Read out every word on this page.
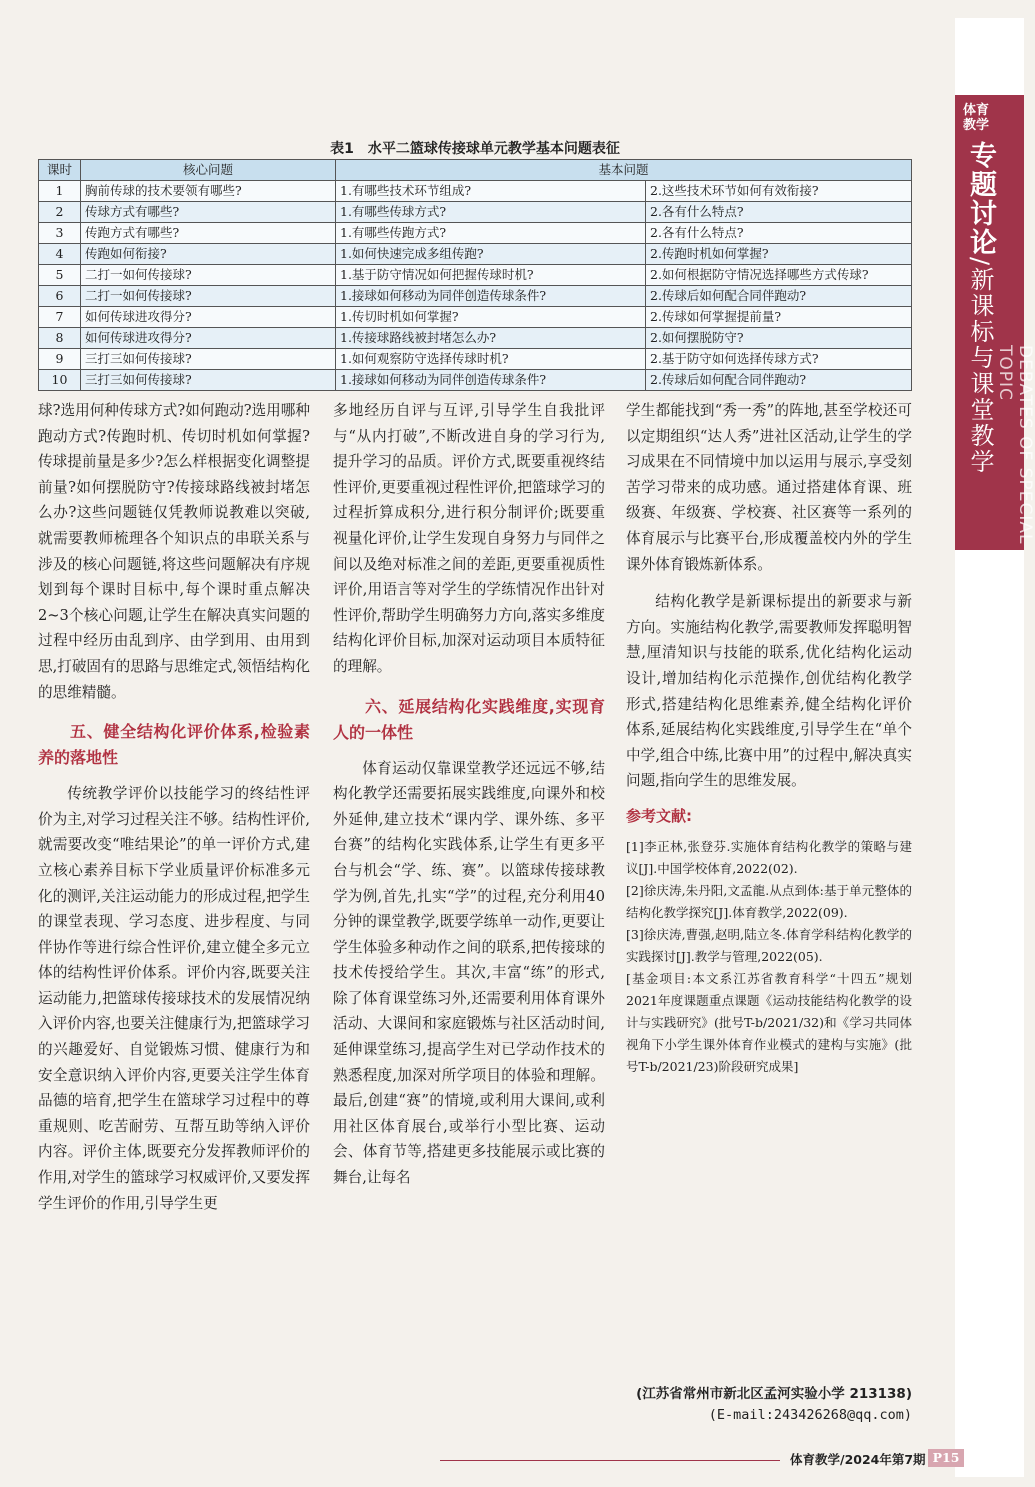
体育教学
专题讨论/新课标与课堂教学	DEBATES OF SPECIAL TOPIC
表1　水平二篮球传接球单元教学基本问题表征
课时	核心问题	基本问题	
1	胸前传球的技术要领有哪些?	1.有哪些技术环节组成?	2.这些技术环节如何有效衔接?
2	传球方式有哪些?	1.有哪些传球方式?	2.各有什么特点?
3	传跑方式有哪些?	1.有哪些传跑方式?	2.各有什么特点?
4	传跑如何衔接?	1.如何快速完成多组传跑?	2.传跑时机如何掌握?
5	二打一如何传接球?	1.基于防守情况如何把握传球时机?	2.如何根据防守情况选择哪些方式传球?
6	二打一如何传接球?	1.接球如何移动为同伴创造传球条件?	2.传球后如何配合同伴跑动?
7	如何传球进攻得分?	1.传切时机如何掌握?	2.传球如何掌握提前量?
8	如何传球进攻得分?	1.传接球路线被封堵怎么办?	2.如何摆脱防守?
9	三打三如何传接球?	1.如何观察防守选择传球时机?	2.基于防守如何选择传球方式?
10	三打三如何传接球?	1.接球如何移动为同伴创造传球条件?	2.传球后如何配合同伴跑动?

球?选用何种传球方式?如何跑动?选用哪种跑动方式?传跑时机、传切时机如何掌握?传球提前量是多少?怎么样根据变化调整提前量?如何摆脱防守?传接球路线被封堵怎么办?这些问题链仅凭教师说教难以突破,就需要教师梳理各个知识点的串联关系与涉及的核心问题链,将这些问题解决有序规划到每个课时目标中,每个课时重点解决2~3个核心问题,让学生在解决真实问题的过程中经历由乱到序、由学到用、由用到思,打破固有的思路与思维定式,领悟结构化的思维精髓。

五、健全结构化评价体系,检验素养的落地性

传统教学评价以技能学习的终结性评价为主,对学习过程关注不够。结构性评价,就需要改变“唯结果论”的单一评价方式,建立核心素养目标下学业质量评价标准多元化的测评,关注运动能力的形成过程,把学生的课堂表现、学习态度、进步程度、与同伴协作等进行综合性评价,建立健全多元立体的结构性评价体系。评价内容,既要关注运动能力,把篮球传接球技术的发展情况纳入评价内容,也要关注健康行为,把篮球学习的兴趣爱好、自觉锻炼习惯、健康行为和安全意识纳入评价内容,更要关注学生体育品德的培育,把学生在篮球学习过程中的尊重规则、吃苦耐劳、互帮互助等纳入评价内容。评价主体,既要充分发挥教师评价的作用,对学生的篮球学习权威评价,又要发挥学生评价的作用,引导学生更

多地经历自评与互评,引导学生自我批评与“从内打破”,不断改进自身的学习行为,提升学习的品质。评价方式,既要重视终结性评价,更要重视过程性评价,把篮球学习的过程折算成积分,进行积分制评价;既要重视量化评价,让学生发现自身努力与同伴之间以及绝对标准之间的差距,更要重视质性评价,用语言等对学生的学练情况作出针对性评价,帮助学生明确努力方向,落实多维度结构化评价目标,加深对运动项目本质特征的理解。

六、延展结构化实践维度,实现育人的一体性

体育运动仅靠课堂教学还远远不够,结构化教学还需要拓展实践维度,向课外和校外延伸,建立技术“课内学、课外练、多平台赛”的结构化实践体系,让学生有更多平台与机会“学、练、赛”。以篮球传接球教学为例,首先,扎实“学”的过程,充分利用40分钟的课堂教学,既要学练单一动作,更要让学生体验多种动作之间的联系,把传接球的技术传授给学生。其次,丰富“练”的形式,除了体育课堂练习外,还需要利用体育课外活动、大课间和家庭锻炼与社区活动时间,延伸课堂练习,提高学生对已学动作技术的熟悉程度,加深对所学项目的体验和理解。最后,创建“赛”的情境,或利用大课间,或利用社区体育展台,或举行小型比赛、运动会、体育节等,搭建更多技能展示或比赛的舞台,让每名

学生都能找到“秀一秀”的阵地,甚至学校还可以定期组织“达人秀”进社区活动,让学生的学习成果在不同情境中加以运用与展示,享受刻苦学习带来的成功感。通过搭建体育课、班级赛、年级赛、学校赛、社区赛等一系列的体育展示与比赛平台,形成覆盖校内外的学生课外体育锻炼新体系。

结构化教学是新课标提出的新要求与新方向。实施结构化教学,需要教师发挥聪明智慧,厘清知识与技能的联系,优化结构化运动设计,增加结构化示范操作,创优结构化教学形式,搭建结构化思维素养,健全结构化评价体系,延展结构化实践维度,引导学生在“单个中学,组合中练,比赛中用”的过程中,解决真实问题,指向学生的思维发展。

参考文献:

[1]李正林,张登芬.实施体育结构化教学的策略与建议[J].中国学校体育,2022(02).

[2]徐庆涛,朱丹阳,文孟龍.从点到体:基于单元整体的结构化教学探究[J].体育教学,2022(09).

[3]徐庆涛,曹强,赵明,陆立冬.体育学科结构化教学的实践探讨[J].教学与管理,2022(05).

[基金项目:本文系江苏省教育科学“十四五”规划2021年度课题重点课题《运动技能结构化教学的设计与实践研究》(批号T-b/2021/32)和《学习共同体视角下小学生课外体育作业模式的建构与实施》(批号T-b/2021/23)阶段研究成果]

(江苏省常州市新北区孟河实验小学 213138)
(E-mail:243426268@qq.com)
体育教学/2024年第7期 P15
